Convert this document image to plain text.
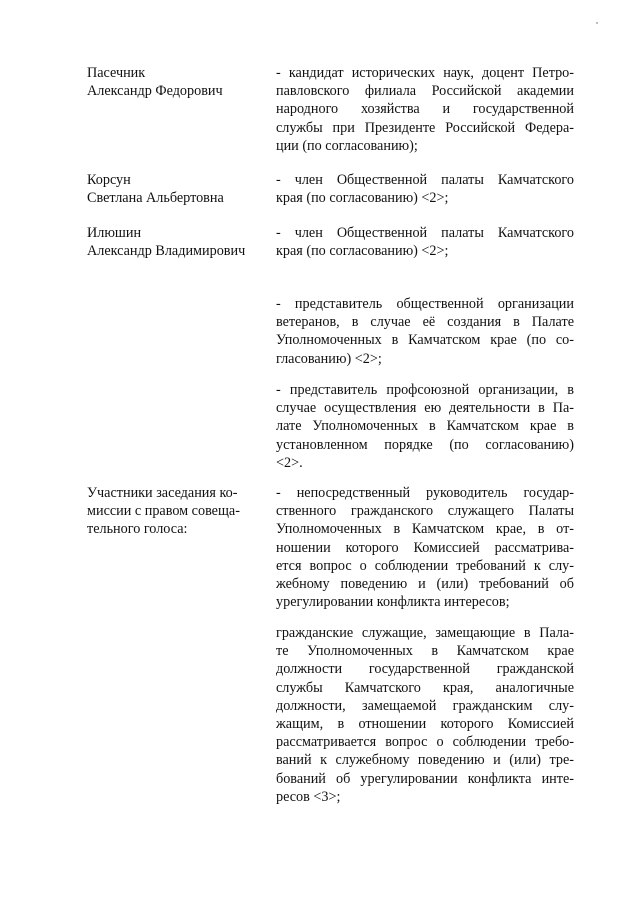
Пасечник
Александр Федорович
- кандидат исторических наук, доцент Петро-
павловского филиала Российской академии
народного хозяйства и государственной
службы при Президенте Российской Федера-
ции (по согласованию);
Корсун
Светлана Альбертовна
- член Общественной палаты Камчатского
края (по согласованию) <2>;
Илюшин
Александр Владимирович
- член Общественной палаты Камчатского
края (по согласованию) <2>;
- представитель общественной организации
ветеранов, в случае её создания в Палате
Уполномоченных в Камчатском крае (по со-
гласованию) <2>;
- представитель профсоюзной организации, в
случае осуществления ею деятельности в Па-
лате Уполномоченных в Камчатском крае в
установленном порядке (по согласованию)
<2>.
Участники заседания ко-
миссии с правом совеща-
тельного голоса:
- непосредственный руководитель государ-
ственного гражданского служащего Палаты
Уполномоченных в Камчатском крае, в от-
ношении которого Комиссией рассматрива-
ется вопрос о соблюдении требований к слу-
жебному поведению и (или) требований об
урегулировании конфликта интересов;
гражданские служащие, замещающие в Пала-
те Уполномоченных в Камчатском крае
должности государственной гражданской
службы Камчатского края, аналогичные
должности, замещаемой гражданским слу-
жащим, в отношении которого Комиссией
рассматривается вопрос о соблюдении требо-
ваний к служебному поведению и (или) тре-
бований об урегулировании конфликта инте-
ресов <3>;
